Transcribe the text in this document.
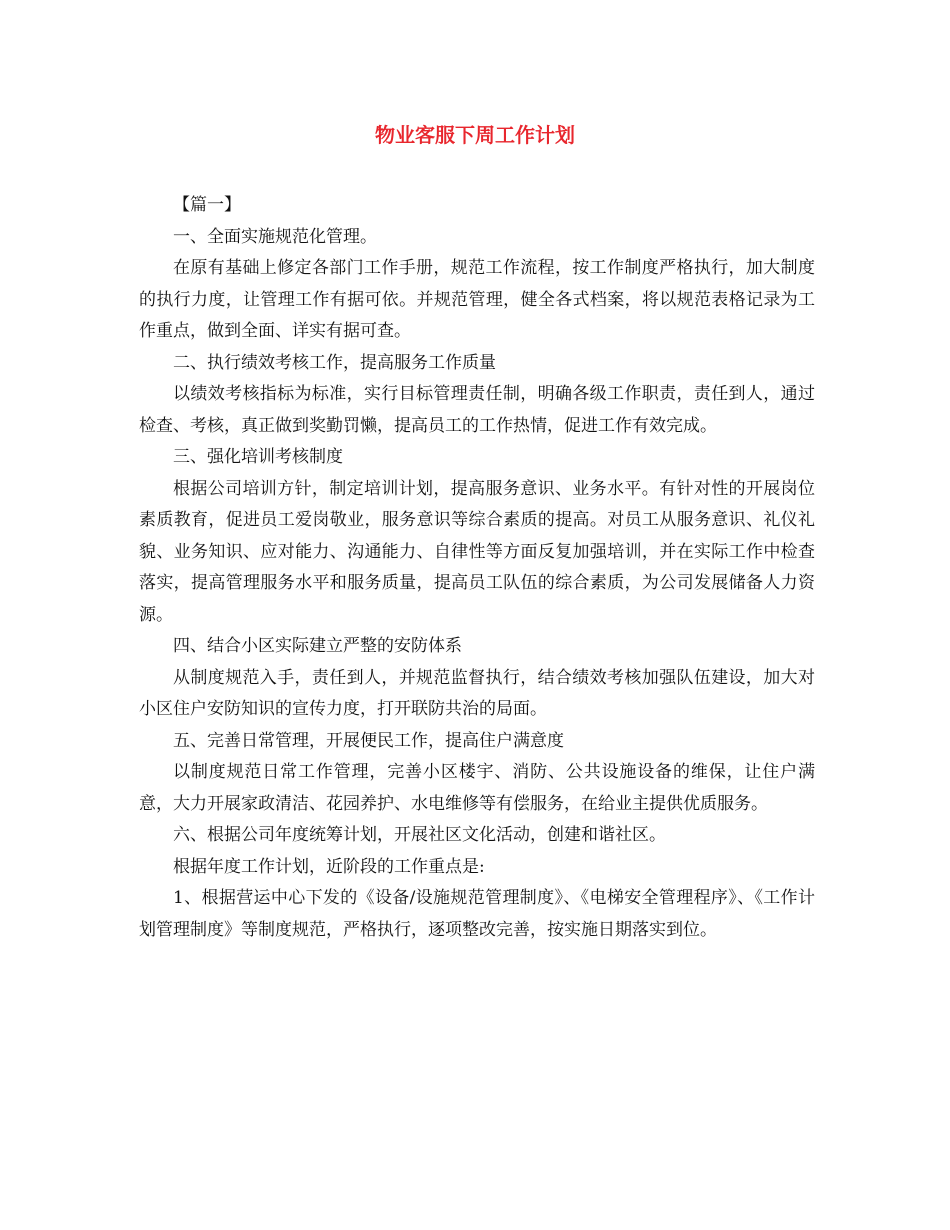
物业客服下周工作计划

【篇一】

一、全面实施规范化管理。

在原有基础上修定各部门工作手册，规范工作流程，按工作制度严格执行，加大制度的执行力度，让管理工作有据可依。并规范管理，健全各式档案，将以规范表格记录为工作重点，做到全面、详实有据可查。

二、执行绩效考核工作，提高服务工作质量

以绩效考核指标为标准，实行目标管理责任制，明确各级工作职责，责任到人，通过检查、考核，真正做到奖勤罚懒，提高员工的工作热情，促进工作有效完成。

三、强化培训考核制度

根据公司培训方针，制定培训计划，提高服务意识、业务水平。有针对性的开展岗位素质教育，促进员工爱岗敬业，服务意识等综合素质的提高。对员工从服务意识、礼仪礼貌、业务知识、应对能力、沟通能力、自律性等方面反复加强培训，并在实际工作中检查落实，提高管理服务水平和服务质量，提高员工队伍的综合素质，为公司发展储备人力资源。

四、结合小区实际建立严整的安防体系

从制度规范入手，责任到人，并规范监督执行，结合绩效考核加强队伍建设，加大对小区住户安防知识的宣传力度，打开联防共治的局面。

五、完善日常管理，开展便民工作，提高住户满意度

以制度规范日常工作管理，完善小区楼宇、消防、公共设施设备的维保，让住户满意，大力开展家政清洁、花园养护、水电维修等有偿服务，在给业主提供优质服务。

六、根据公司年度统筹计划，开展社区文化活动，创建和谐社区。

根据年度工作计划，近阶段的工作重点是:

1、根据营运中心下发的《设备/设施规范管理制度》、《电梯安全管理程序》、《工作计划管理制度》等制度规范，严格执行，逐项整改完善，按实施日期落实到位。
